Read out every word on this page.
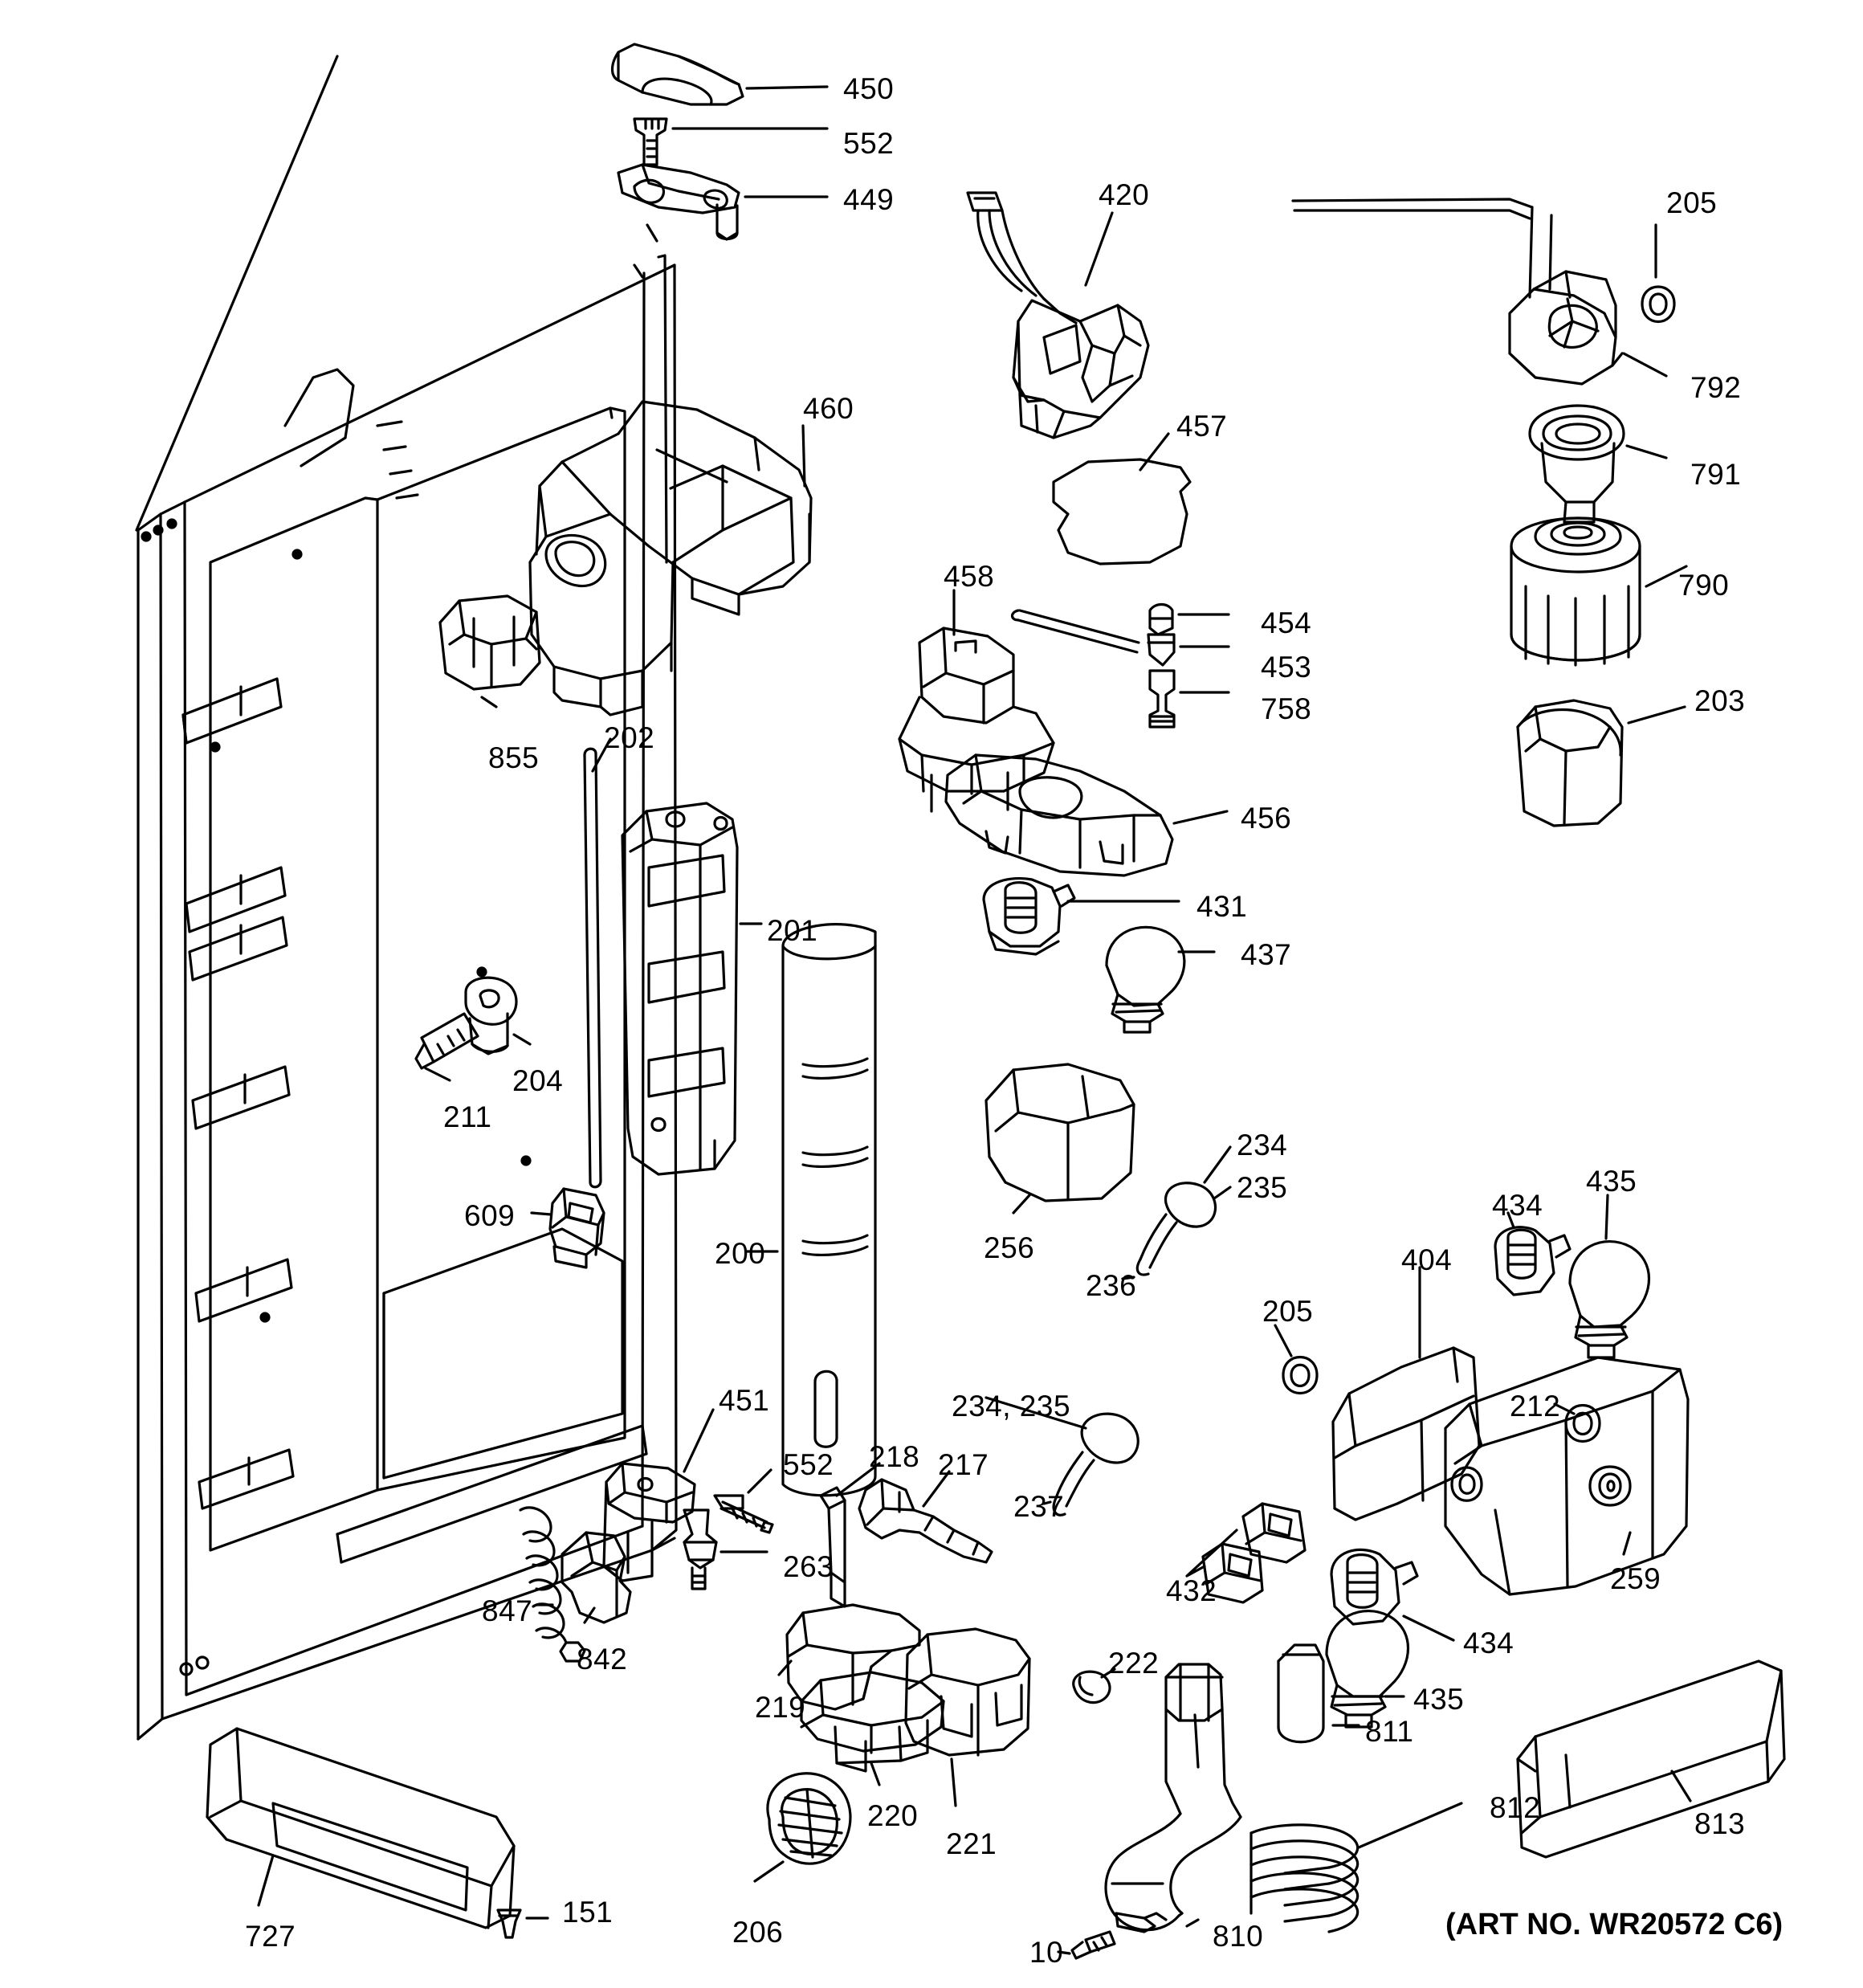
450
552
449	420	205
792
460
457
791
458
454
790
453
855
758	203
202
456
201
431
437
204
211
234
235	435
434
609
200	256
236
404
205
451	234, 235	212
552 218 217
237
259
263
847
432
842	434
219
222
435
811
220
221
812	813
727
151
206
10	810	(ART NO. WR20572 C6)
